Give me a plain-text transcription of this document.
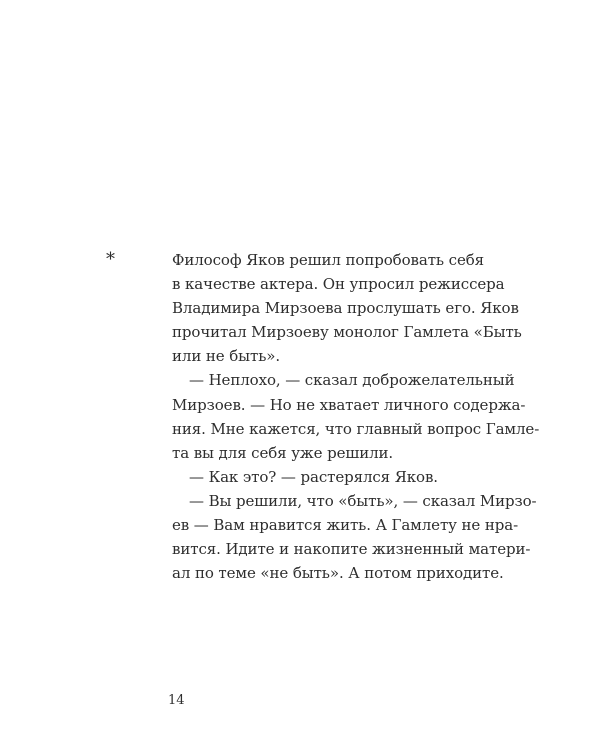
*	Философ Яков решил попробовать себя
в качестве актера. Он упросил режиссера
Владимира Мирзоева прослушать его. Яков
прочитал Мирзоеву монолог Гамлета «Быть
или не быть».
— Неплохо, — сказал доброжелательный
Мирзоев. — Но не хватает личного содержа-
ния. Мне кажется, что главный вопрос Гамле-
та вы для себя уже решили.
— Как это? — растерялся Яков.
— Вы решили, что «быть», — сказал Мирзо-
ев — Вам нравится жить. А Гамлету не нра-
вится. Идите и накопите жизненный матери-
ал по теме «не быть». А потом приходите.
14
